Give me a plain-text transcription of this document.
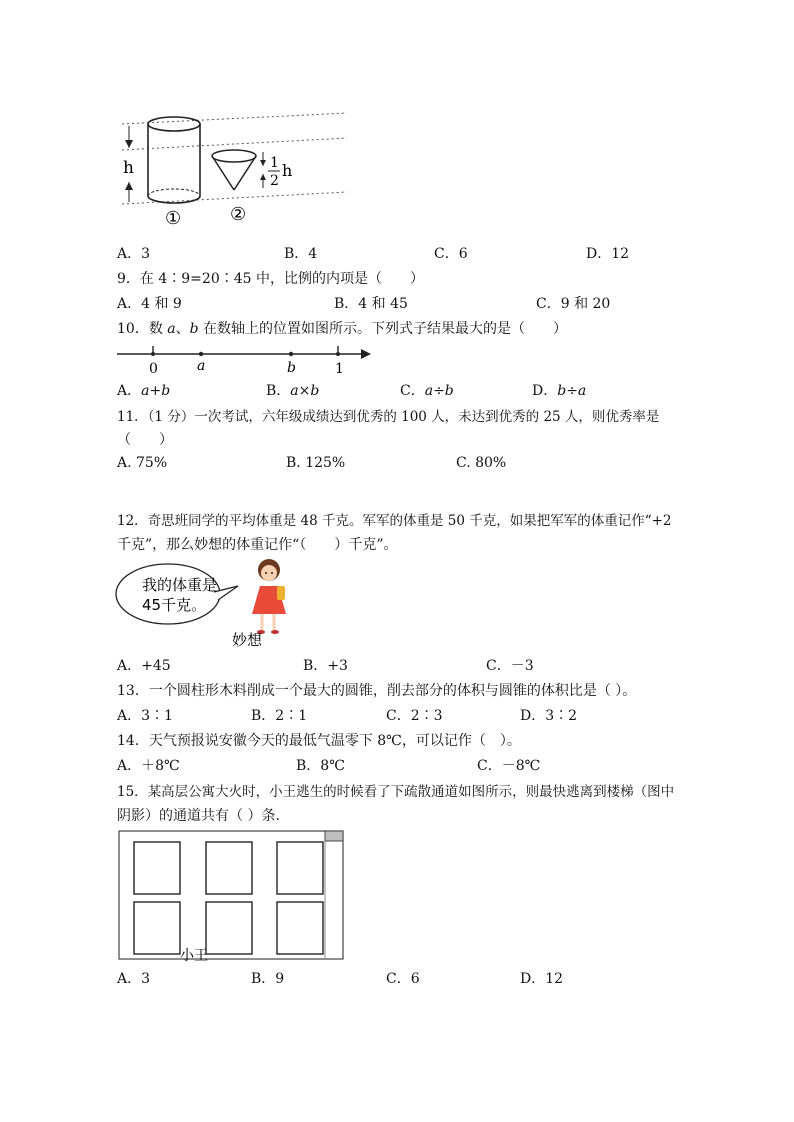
h	1
2
h
①	②
A．3	B．4	C．6	D．12
9．在 4∶9=20∶45 中，比例的内项是（　　）
A．4 和 9	B．4 和 45	C．9 和 20
10．数 a、b 在数轴上的位置如图所示。下列式子结果最大的是（　　）
0	a	b	1
A．a+b	B．a×b	C．a÷b	D．b÷a
11．（1 分）一次考试，六年级成绩达到优秀的 100 人，未达到优秀的 25 人，则优秀率是
（　　）
A. 75%	B. 125%	C. 80%
12．奇思班同学的平均体重是 48 千克。军军的体重是 50 千克，如果把军军的体重记作“+2
千克”，那么妙想的体重记作“（　　）千克”。
我的体重是
45千克。
妙想
A．+45	B．+3	C．－3
13．一个圆柱形木料削成一个最大的圆锥，削去部分的体积与圆锥的体积比是（ ）。
A．3∶1	B．2∶1	C．2∶3	D．3∶2
14．天气预报说安徽今天的最低气温零下 8℃，可以记作（　）。
A．＋8℃	B．8℃	C．－8℃
15．某高层公寓大火时，小王逃生的时候看了下疏散通道如图所示，则最快逃离到楼梯（图中
阴影）的通道共有（ ）条.
小王
A．3	B．9	C．6	D．12
